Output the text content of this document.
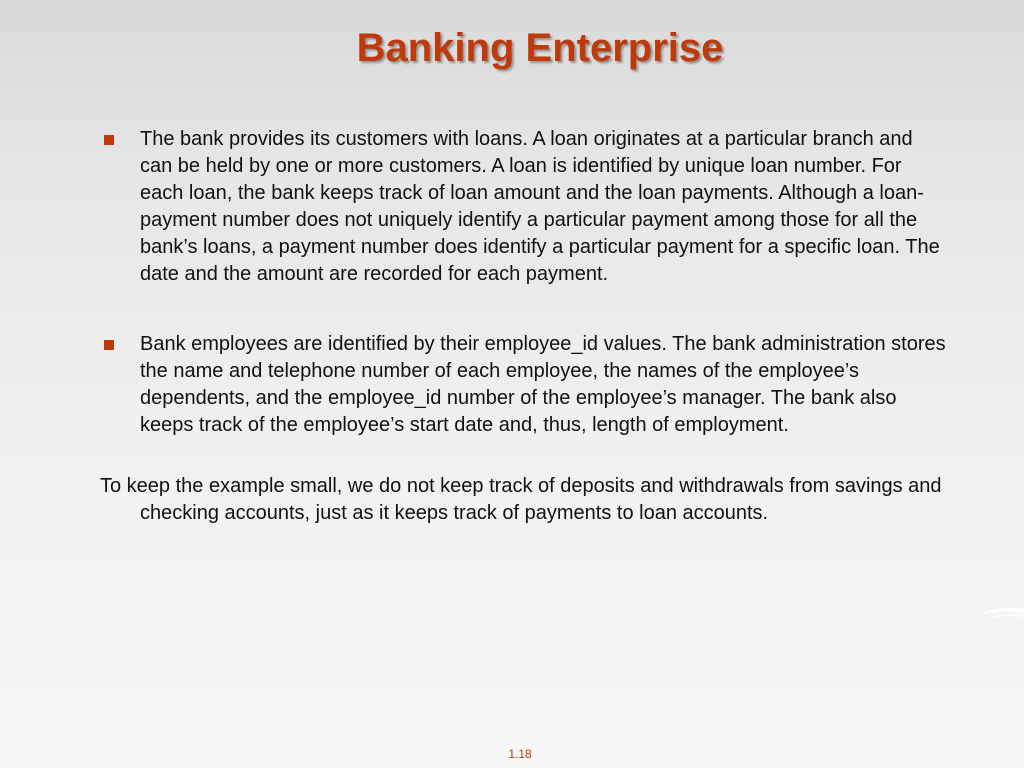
Banking Enterprise
The bank provides its customers with loans. A loan originates at a particular branch and can be held by one or more customers. A loan is identified by unique loan number. For each loan, the bank keeps track of loan amount and the loan payments. Although a loan-payment number does not uniquely identify a particular payment among those for all the bank’s loans, a payment number does identify a particular payment for a specific loan. The date and the amount are recorded for each payment.
Bank employees are identified by their employee_id values. The bank administration stores the name and telephone number of each employee, the names of the employee’s dependents, and the employee_id number of the employee’s manager. The bank also keeps track of the employee’s start date and, thus, length of employment.
To keep the example small, we do not keep track of deposits and withdrawals from savings and checking accounts, just as it keeps track of payments to loan accounts.
1.18
